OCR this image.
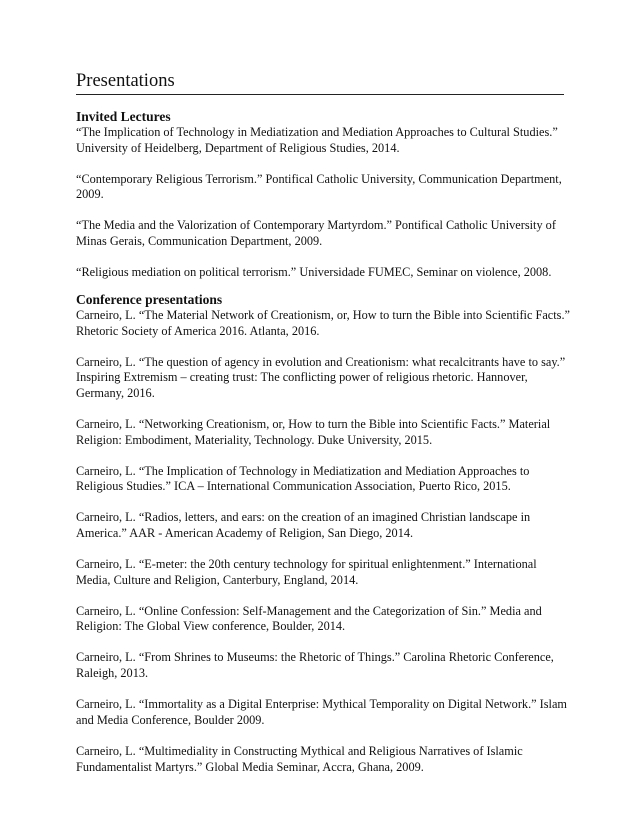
Presentations
Invited Lectures
“The Implication of Technology in Mediatization and Mediation Approaches to Cultural Studies.”
University of Heidelberg, Department of Religious Studies, 2014.
“Contemporary Religious Terrorism.” Pontifical Catholic University, Communication Department,
2009.
“The Media and the Valorization of Contemporary Martyrdom.” Pontifical Catholic University of
Minas Gerais, Communication Department, 2009.
“Religious mediation on political terrorism.” Universidade FUMEC, Seminar on violence, 2008.
Conference presentations
Carneiro, L. “The Material Network of Creationism, or, How to turn the Bible into Scientific Facts.”
Rhetoric Society of America 2016. Atlanta, 2016.
Carneiro, L. “The question of agency in evolution and Creationism: what recalcitrants have to say.”
Inspiring Extremism – creating trust: The conflicting power of religious rhetoric. Hannover,
Germany, 2016.
Carneiro, L. “Networking Creationism, or, How to turn the Bible into Scientific Facts.” Material
Religion: Embodiment, Materiality, Technology. Duke University, 2015.
Carneiro, L. “The Implication of Technology in Mediatization and Mediation Approaches to
Religious Studies.” ICA – International Communication Association, Puerto Rico, 2015.
Carneiro, L. “Radios, letters, and ears: on the creation of an imagined Christian landscape in
America.” AAR - American Academy of Religion, San Diego, 2014.
Carneiro, L. “E-meter: the 20th century technology for spiritual enlightenment.” International
Media, Culture and Religion, Canterbury, England, 2014.
Carneiro, L. “Online Confession: Self-Management and the Categorization of Sin.” Media and
Religion: The Global View conference, Boulder, 2014.
Carneiro, L. “From Shrines to Museums: the Rhetoric of Things.” Carolina Rhetoric Conference,
Raleigh, 2013.
Carneiro, L. “Immortality as a Digital Enterprise: Mythical Temporality on Digital Network.” Islam
and Media Conference, Boulder 2009.
Carneiro, L. “Multimediality in Constructing Mythical and Religious Narratives of Islamic
Fundamentalist Martyrs.” Global Media Seminar, Accra, Ghana, 2009.
